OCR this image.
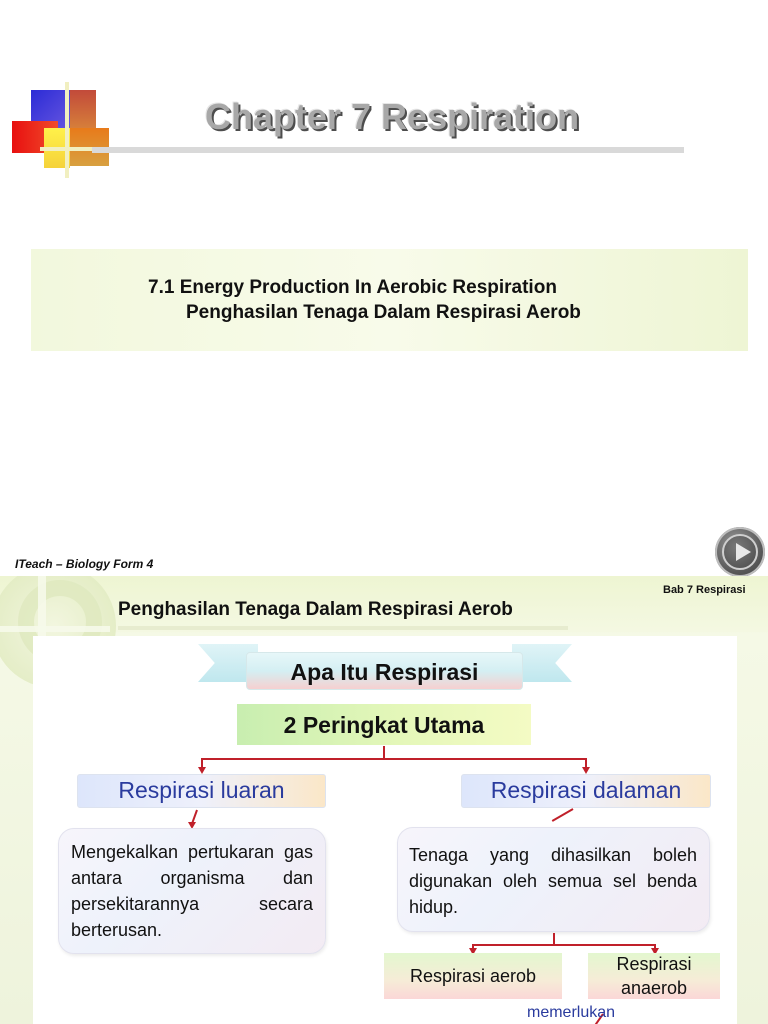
Chapter 7 Respiration
7.1 Energy Production In Aerobic Respiration
Penghasilan Tenaga Dalam Respirasi Aerob
ITeach – Biology Form 4
Bab 7 Respirasi
Penghasilan Tenaga Dalam Respirasi Aerob
Apa Itu Respirasi
2 Peringkat Utama
Respirasi luaran
Mengekalkan pertukaran gas antara organisma dan persekitarannya secara berterusan.
Respirasi dalaman
Tenaga yang dihasilkan boleh digunakan oleh semua sel benda hidup.
Respirasi aerob
Respirasi anaerob
memerlukan
